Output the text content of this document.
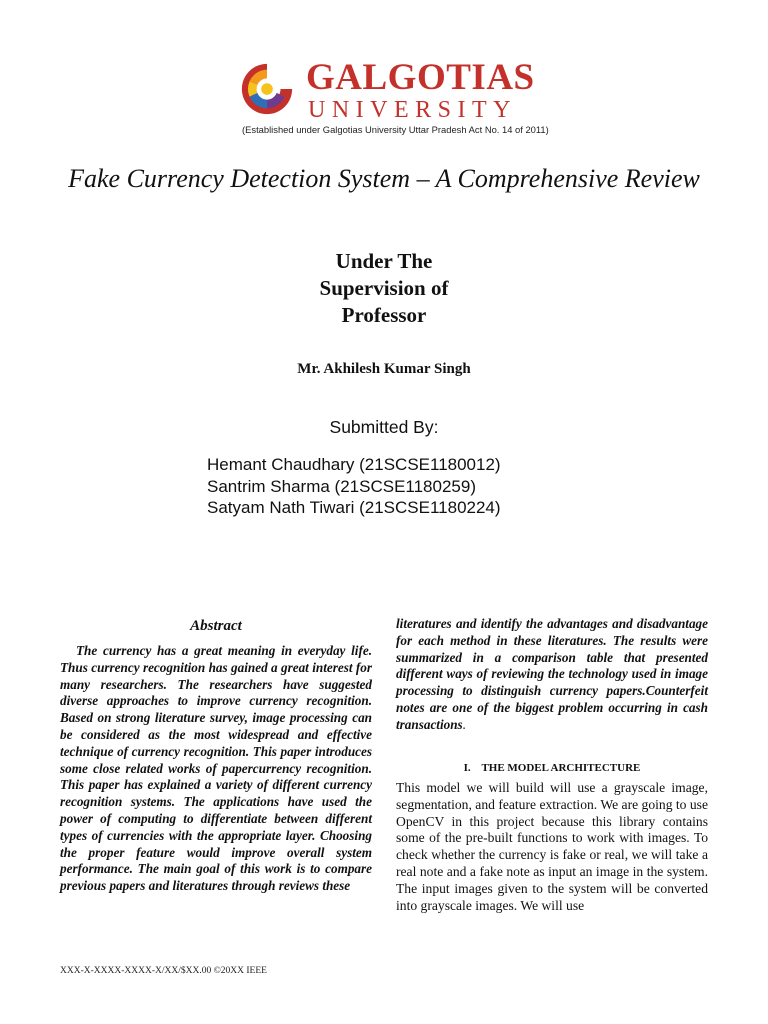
GALGOTIAS
UNIVERSITY
(Established under Galgotias University Uttar Pradesh Act No. 14 of 2011)
Fake Currency Detection System – A Comprehensive Review
Under The
Supervision of
Professor
Mr. Akhilesh Kumar Singh
Submitted By:
Hemant Chaudhary (21SCSE1180012)
Santrim Sharma (21SCSE1180259)
Satyam Nath Tiwari (21SCSE1180224)
Abstract
The currency has a great meaning in everyday life. Thus currency recognition has gained a great interest for many researchers. The researchers have suggested diverse approaches to improve currency recognition. Based on strong literature survey, image processing can be considered as the most widespread and effective technique of currency recognition. This paper introduces some close related works of papercurrency recognition. This paper has explained a variety of different currency recognition systems. The applications have used the power of computing to differentiate between different types of currencies with the appropriate layer. Choosing the proper feature would improve overall system performance. The main goal of this work is to compare previous papers and literatures through reviews these
literatures and identify the advantages and disadvantage for each method in these literatures. The results were summarized in a comparison table that presented different ways of reviewing the technology used in image processing to distinguish currency papers.Counterfeit notes are one of the biggest problem occurring in cash transactions.
I.    THE MODEL ARCHITECTURE
This model we will build will use a grayscale image, segmentation, and feature extraction. We are going to use OpenCV in this project because this library contains some of the pre-built functions to work with images. To check whether the currency is fake or real, we will take a real note and a fake note as input an image in the system. The input images given to the system will be converted into grayscale images. We will use
XXX-X-XXXX-XXXX-X/XX/$XX.00 ©20XX IEEE
